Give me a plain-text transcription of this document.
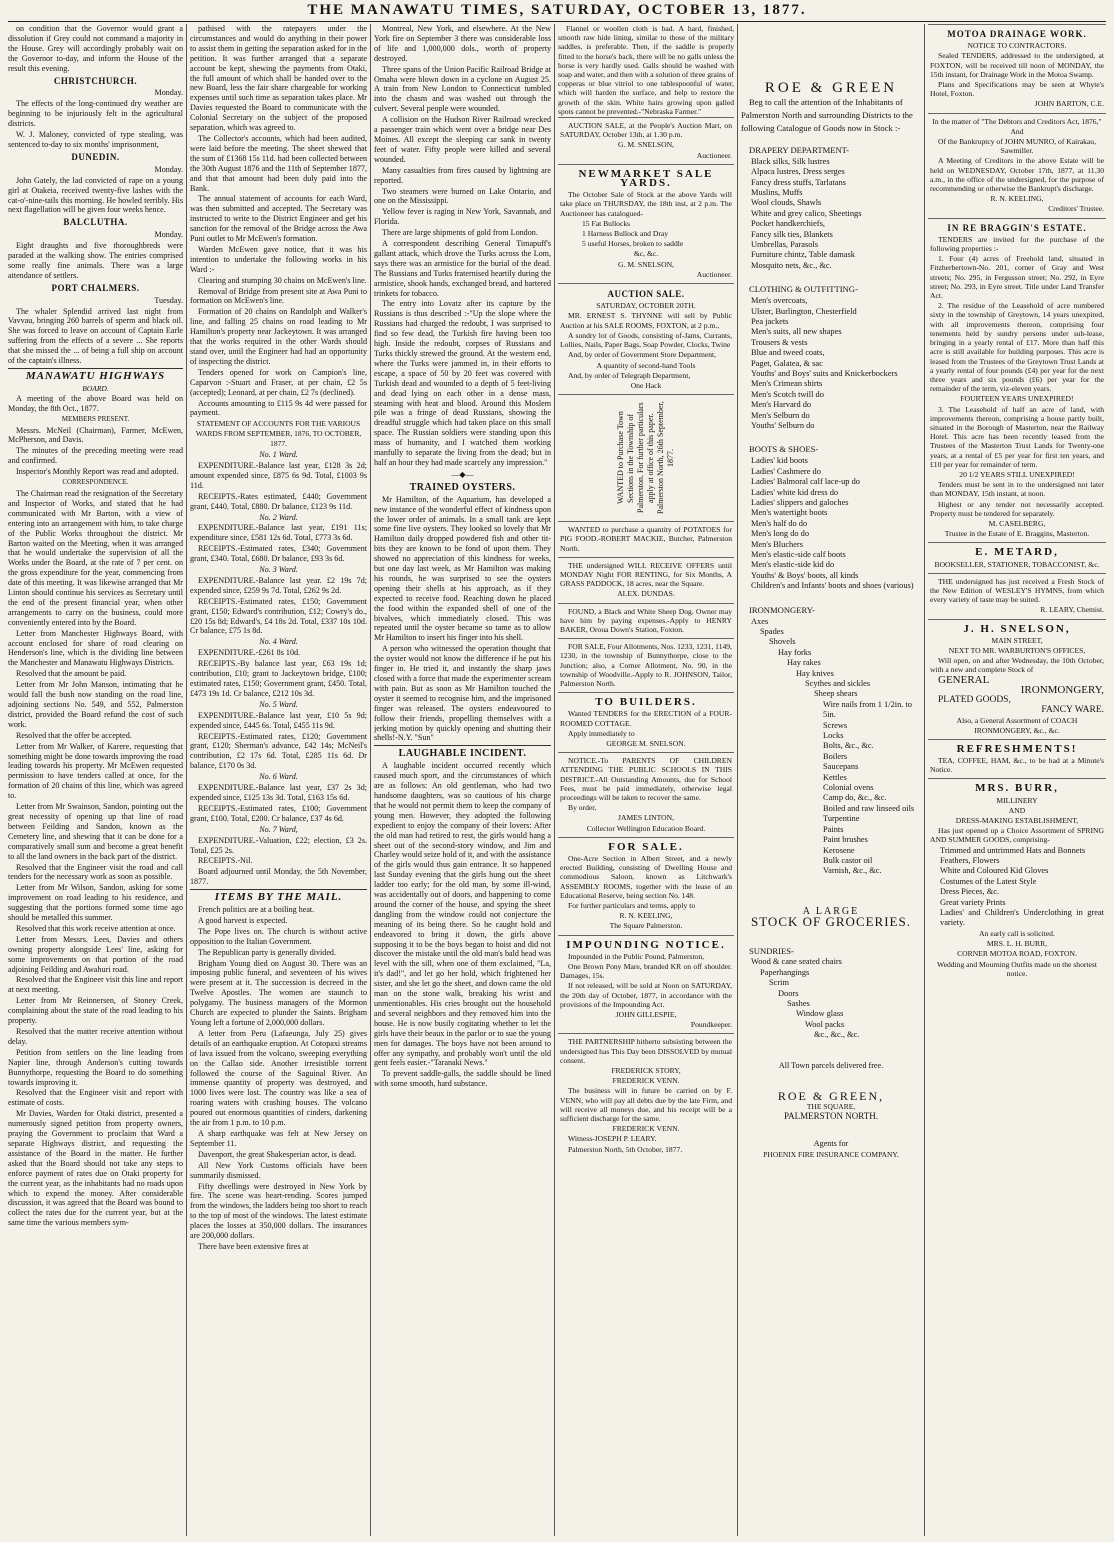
THE MANAWATU TIMES, SATURDAY, OCTOBER 13, 1877.

on condition that the Governor would grant a dissolution if Grey could not command a majority in the House. Grey will accordingly probably wait on the Governor to-day, and inform the House of the result this evening.

CHRISTCHURCH.

Monday.

The effects of the long-continued dry weather are beginning to be injuriously felt in the agricultural districts.

W. J. Maloney, convicted of type stealing, was sentenced to-day to six months' imprisonment,

DUNEDIN.

Monday.

John Gately, the lad convicted of rape on a young girl at Otakeia, received twenty-five lashes with the cat-o'-nine-tails this morning. He howled terribly. His next flagellation will be given four weeks hence.

BALCLUTHA.

Monday.

Eight draughts and five thoroughbreds were paraded at the walking show. The entries comprised some really fine animals. There was a large attendance of settlers.

PORT CHALMERS.

Tuesday.

The whaler Splendid arrived last night from Vavvau, bringing 260 barrels of sperm and black oil. She was forced to leave on account of Captain Earle suffering from the effects of a severe ... She reports that she missed the ... of being a full ship on account of the captain's illness.

MANAWATU HIGHWAYS
BOARD.

A meeting of the above Board was held on Monday, the 8th Oct., 1877.

MEMBERS PRESENT.

Messrs. McNeil (Chairman), Farmer, McEwen, McPherson, and Davis.

The minutes of the preceding meeting were read and confirmed.

Inspector's Monthly Report was read and adopted.

CORRESPONDENCE.

The Chairman read the resignation of the Secretary and Inspector of Works, and stated that he had communicated with Mr Barton, with a view of entering into an arrangement with him, to take charge of the Public Works throughout the district. Mr Barton waited on the Meeting, when it was arranged that he would undertake the supervision of all the Works under the Board, at the rate of 7 per cent. on the gross expenditure for the year, commencing from date of this meeting. It was likewise arranged that Mr Linton should continue his services as Secretary until the end of the present financial year, when other arrangements to carry on the business, could more conveniently entered into by the Board.

Letter from Manchester Highways Board, with account enclosed for share of road clearing on Henderson's line, which is the dividing line between the Manchester and Manawatu Highways Districts.

Resolved that the amount be paid.

Letter from Mr John Manson, intimating that he would fall the bush now standing on the road line, adjoining sections No. 549, and 552, Palmerston district, provided the Board refund the cost of such work.

Resolved that the offer be accepted.

Letter from Mr Walker, of Karere, requesting that something might be done towards improving the road leading towards his property. Mr McEwen requested permission to have tenders called at once, for the formation of 20 chains of this line, which was agreed to.

Letter from Mr Swainson, Sandon, pointing out the great necessity of opening up that line of road between Feilding and Sandon, known as the Cemetery line, and shewing that it can be done for a comparatively small sum and become a great benefit to all the land owners in the back part of the district.

Resolved that the Engineer visit the road and call tenders for the necessary work as soon as possible.

Letter from Mr Wilson, Sandon, asking for some improvement on road leading to his residence, and suggesting that the portions formed some time ago should be metalled this summer.

Resolved that this work receive attention at once.

Letter from Messrs. Lees, Davies and others owning property alongside Lees' line, asking for some improvements on that portion of the road adjoining Feilding and Awahuri road.

Resolved that the Engineer visit this line and report at next meeting.

Letter from Mr Reinnersen, of Stoney Creek, complaining about the state of the road leading to his property.

Resolved that the matter receive attention without delay.

Petition from settlers on the line leading from Napier line, through Anderson's cutting towards Bunnythorpe, requesting the Board to do something towards improving it.

Resolved that the Engineer visit and report with estimate of costs.

Mr Davies, Warden for Otaki district, presented a numerously signed petition from property owners, praying the Government to proclaim that Ward a separate Highways district, and requesting the assistance of the Board in the matter. He further asked that the Board should not take any steps to enforce payment of rates due on Otaki property for the current year, as the inhabitants had no roads upon which to expend the money. After considerable discussion, it was agreed that the Board was bound to collect the rates due for the current year, but at the same time the various members sym-

pathised with the ratepayers under the circumstances and would do anything in their power to assist them in getting the separation asked for in the petition. It was further arranged that a separate account be kept, shewing the payments from Otaki, the full amount of which shall be handed over to the new Board, less the fair share chargeable for working expenses until such time as separation takes place. Mr Davies requested the Board to communicate with the Colonial Secretary on the subject of the proposed separation, which was agreed to.

The Collector's accounts, which had been audited, were laid before the meeting. The sheet shewed that the sum of £1368 15s 11d. had been collected between the 30th August 1876 and the 11th of September 1877, and that that amount had been duly paid into the Bank.

The annual statement of accounts for each Ward, was then submitted and accepted. The Secretary was instructed to write to the District Engineer and get his sanction for the removal of the Bridge across the Awa Puni outlet to Mr McEwen's formation.

Warden McEwen gave notice, that it was his intention to undertake the following works in his Ward :-

Clearing and stumping 30 chains on McEwen's line.

Removal of Bridge from present site at Awa Puni to formation on McEwen's line.

Formation of 20 chains on Randolph and Walker's line, and falling 25 chains on road leading to Mr Hamilton's property near Jackeytown. It was arranged that the works required in the other Wards should stand over, until the Engineer had had an opportunity of inspecting the district.

Tenders opened for work on Campion's line, Caparvon :-Stuart and Fraser, at per chain, £2 5s (accepted); Leonard, at per chain, £2 7s (declined).

Accounts amounting to £115 9s 4d were passed for payment.

STATEMENT OF ACCOUNTS FOR THE VARIOUS WARDS FROM SEPTEMBER, 1876, TO OCTOBER, 1877.

No. 1 Ward.

EXPENDITURE.-Balance last year, £128 3s 2d; amount expended since, £875 6s 9d. Total, £1003 9s 11d.

RECEIPTS.-Rates estimated, £440; Government grant, £440. Total, £880. Dr balance, £123 9s 11d.

No. 2 Ward.

EXPENDITURE.-Balance last year, £191 11s; expenditure since, £581 12s 6d. Total, £773 3s 6d.

RECEIPTS.-Estimated rates, £340; Government grant, £340. Total, £680. Dr balance, £93 3s 6d.

No. 3 Ward.

EXPENDITURE.-Balance last year. £2 19s 7d; expended since, £259 9s 7d. Total, £262 9s 2d.

RECEIPTS.-Estimated rates, £150; Government grant, £150; Edward's contribution, £12; Cowry's do., £20 15s 8d; Edward's, £4 18s 2d. Total, £337 10s 10d. Cr balance, £75 1s 8d.

No. 4 Ward.

EXPENDITURE.-£261 8s 10d.

RECEIPTS.-By balance last year, £63 19s 1d; contribution, £10; grant to Jackeytown bridge, £100; estimated rates, £150; Government grant, £450. Total, £473 19s 1d. Cr balance, £212 10s 3d.

No. 5 Ward.

EXPENDITURE.-Balance last year, £10 5s 9d; expended since, £445 6s. Total, £455 11s 9d.

RECEIPTS.-Estimated rates, £120; Government grant, £120; Sherman's advance, £42 14s; McNeil's contribution, £2 17s 6d. Total, £285 11s 6d. Dr balance, £170 0s 3d.

No. 6 Ward.

EXPENDITURE.-Balance last year, £37 2s 3d; expended since, £125 13s 3d. Total, £163 15s 6d.

RECEIPTS.-Estimated rates, £100; Government grant, £100. Total, £200. Cr balance, £37 4s 6d.

No. 7 Ward,

EXPENDITURE.-Valuation, £22; election, £3 2s. Total, £25 2s.

RECEIPTS.-Nil.

Board adjourned until Monday, the 5th November, 1877.

ITEMS BY THE MAIL.

French politics are at a boiling heat.

A good harvest is expected.

The Pope lives on. The church is without active opposition to the Italian Government.

The Republican party is generally divided.

Brigham Young died on August 30. There was an imposing public funeral, and seventeen of his wives were present at it. The succession is decreed in the Twelve Apostles. The women are staunch to polygamy. The business managers of the Mormon Church are expected to plunder the Saints. Brigham Young left a fortune of 2,000,000 dollars.

A letter from Peru (Lafaeunga, July 25) gives details of an earthquake eruption. At Cotopaxi streams of lava issued from the volcano, sweeping everything on the Callao side. Another irresistible torrent followed the course of the Saguinal River. An immense quantity of property was destroyed, and 1000 lives were lost. The country was like a sea of roaring waters with crashing houses. The volcano poured out enormous quantities of cinders, darkening the air from 1 p.m. to 10 p.m.

A sharp earthquake was felt at New Jersey on September 11.

Davenport, the great Shakesperian actor, is dead.

All New York Customs officials have been summarily dismissed.

Fifty dwellings were destroyed in New York by fire. The scene was heart-rending. Scores jumped from the windows, the ladders being too short to reach to the top of most of the windows. The latest estimate places the losses at 350,000 dollars. The insurances are 200,000 dollars.

There have been extensive fires at

Montreal, New York, and elsewhere. At the New York fire on September 3 there was considerable loss of life and 1,000,000 dols., worth of property destroyed.

Three spans of the Union Pacific Railroad Bridge at Omaha were blown down in a cyclone on August 25. A train from New London to Connecticut tumbled into the chasm and was washed out through the culvert. Several people were wounded.

A collision on the Hudson River Railroad wrecked a passenger train which went over a bridge near Des Moines. All except the sleeping car sank in twenty feet of water. Fifty people were killed and several wounded.

Many casualties from fires caused by lightning are reported.

Two steamers were burned on Lake Ontario, and one on the Mississippi.

Yellow fever is raging in New York, Savannah, and Florida.

There are large shipments of gold from London.

A correspondent describing General Timapuff's gallant attack, which drove the Turks across the Lom, says there was an armistice for the burial of the dead. The Russians and Turks fraternised heartily during the armistice, shook hands, exchanged bread, and bartered trinkets for tobacco.

The entry into Lovatz after its capture by the Russians is thus described :-"Up the slope where the Russians had charged the redoubt, I was surprised to find so few dead, the Turkish fire having been too high. Inside the redoubt, corpses of Russians and Turks thickly strewed the ground. At the western end, where the Turks were jammed in, in their efforts to escape, a space of 50 by 20 feet was covered with Turkish dead and wounded to a depth of 5 feet-living and dead lying on each other in a dense mass, steaming with heat and blood. Around this Moslem pile was a fringe of dead Russians, showing the dreadful struggle which had taken place on this small space. The Russian soldiers were standing upon this mass of humanity, and I watched them working manfully to separate the living from the dead; but in half an hour they had made scarcely any impression."

—◆—
TRAINED OYSTERS.

Mr Hamilton, of the Aquarium, has developed a new instance of the wonderful effect of kindness upon the lower order of animals. In a small tank are kept some fine live oysters. They looked so lovely that Mr Hamilton daily dropped powdered fish and other tit-bits they are known to be fond of upon them. They showed no appreciation of this kindness for weeks, but one day last week, as Mr Hamilton was making his rounds, he was surprised to see the oysters opening their shells at his approach, as if they expected to receive food. Reaching down he placed the food within the expanded shell of one of the bivalves, which immediately closed. This was repeated until the oyster became so tame as to allow Mr Hamilton to insert his finger into his shell.

A person who witnessed the operation thought that the oyster would not know the difference if he put his finger in. He tried it, and instantly the sharp jaws closed with a force that made the experimenter scream with pain. But as soon as Mr Hamilton touched the oyster it seemed to recognise him, and the imprisoned finger was released. The oysters endeavoured to follow their friends, propelling themselves with a jerking motion by quickly opening and shutting their shells!-N.Y. "Sun"

LAUGHABLE INCIDENT.

A laughable incident occurred recently which caused much sport, and the circumstances of which are as follows: An old gentleman, who had two handsome daughters, was so cautious of his charge that he would not permit them to keep the company of young men. However, they adopted the following expedient to enjoy the company of their lovers: After the old man had retired to rest, the girls would hang a sheet out of the second-story window, and Jim and Charley would seize hold of it, and with the assistance of the girls would thus gain entrance. It so happened last Sunday evening that the girls hung out the sheet ladder too early; for the old man, by some ill-wind, was accidentally out of doors, and happening to come around the corner of the house, and spying the sheet dangling from the window could not conjecture the meaning of its being there. So he caught hold and endeavored to bring it down, the girls above supposing it to be the boys began to hoist and did not discover the mistake until the old man's bald head was level with the sill, when one of them exclaimed, "La, it's dad!", and let go her hold, which frightened her sister, and she let go the sheet, and down came the old man on the stone walk, breaking his wrist and unmentionables. His cries brought out the household and several neighbors and they removed him into the house. He is now busily cogitating whether to let the girls have their beaux in the parlor or to sue the young men for damages. The boys have not been around to offer any sympathy, and probably won't until the old gent feels easier.-"Taranaki News."

To prevent saddle-galls, the saddle should be lined with some smooth, hard substance.

Flannel or woollen cloth is bad. A hard, finished, smooth raw hide lining, similar to those of the military saddles, is preferable. Then, if the saddle is properly fitted to the horse's back, there will be no galls unless the horse is very hardly used. Galls should be washed with soap and water, and then with a solution of three grains of copperas or blue vitriol to one tablespoonful of water, which will harden the surface, and help to restore the growth of the skin. White hairs growing upon galled spots cannot be prevented.-"Nebraska Farmer."

AUCTION SALE, at the People's Auction Mart, on SATURDAY, October 13th, at 1.30 p.m.

G. M. SNELSON,

Auctioneer.

NEWMARKET SALE YARDS.

The October Sale of Stock at the above Yards will take place on THURSDAY, the 18th inst, at 2 p.m. The Auctioneer has catalogued-

15 Fat Bullocks

1 Harness Bullock and Dray

5 useful Horses, broken to saddle

&c, &c.

G. M. SNELSON,

Auctioneer.

AUCTION SALE.

SATURDAY, OCTOBER 20TH.

MR. ERNEST S. THYNNE will sell by Public Auction at his SALE ROOMS, FOXTON, at 2 p.m.,

A sundry lot of Goods, consisting of-Jams, Currants, Lollies, Nails, Paper Bags, Soap Powder, Clocks, Twine

And, by order of Government Store Department,

A quantity of second-hand Tools

And, by order of Telegraph Department,

One Hack

WANTED to Purchase Town Sections in the Township of Palmerston. For further particulars apply at office of this paper. Palmerston North, 26th September, 1877.

WANTED to purchase a quantity of POTATOES for PIG FOOD.-ROBERT MACKIE, Butcher, Palmerston North.

THE undersigned WILL RECEIVE OFFERS until MONDAY Night FOR RENTING, for Six Months, A GRASS PADDOCK, 18 acres, near the Square.

ALEX. DUNDAS.

FOUND, a Black and White Sheep Dog. Owner may have him by paying expenses.-Apply to HENRY BAKER, Oroua Down's Station, Foxton.

FOR SALE, Four Allotments, Nos. 1233, 1231, 1149, 1230, in the township of Bunnythorpe, close to the Junction; also, a Corner Allotment, No. 90, in the township of Woodville.-Apply to R. JOHNSON, Tailor, Palmerston North.

TO BUILDERS.

Wanted TENDERS for the ERECTION of a FOUR-ROOMED COTTAGE.

Apply immediately to

GEORGE M. SNELSON.

NOTICE.-To PARENTS OF CHILDREN ATTENDING THE PUBLIC SCHOOLS IN THIS DISTRICT.-All Outstanding Amounts, due for School Fees, must be paid immediately, otherwise legal proceedings will be taken to recover the same.

By order,

JAMES LINTON,

Collector Wellington Education Board.

FOR SALE.

One-Acre Section in Albert Street, and a newly erected Building, consisting of Dwelling House and commodious Saloon, known as Litchwark's ASSEMBLY ROOMS, together with the lease of an Educational Reserve, being section No. 148.

For further particulars and terms, apply to

R. N. KEELING,

The Square Palmerston.

IMPOUNDING NOTICE.

Impounded in the Public Pound, Palmerston,

One Brown Pony Mare, branded KR on off shoulder. Damages, 15s.

If not released, will be sold at Noon on SATURDAY, the 20th day of October, 1877, in accordance with the provisions of the Impounding Act.

JOHN GILLESPIE,

Poundkeeper.

THE PARTNERSHIP hitherto subsisting between the undersigned has This Day been DISSOLVED by mutual consent.

FREDERICK STORY,

FREDERICK VENN.

The business will in future be carried on by F. VENN, who will pay all debts due by the late Firm, and will receive all moneys due, and his receipt will be a sufficient discharge for the same.

FREDERICK VENN.

Witness-JOSEPH P. LEARY.

Palmerston North, 5th October, 1877.

ROE & GREEN

Beg to call the attention of the Inhabitants of Palmerston North and surrounding Districts to the following Catalogue of Goods now in Stock :-

DRAPERY DEPARTMENT-

Black silks, Silk lustres

Alpaca lustres, Dress serges

Fancy dress stuffs, Tarlatans

Muslins, Muffs

Wool clouds, Shawls

White and grey calico, Sheetings

Pocket handkerchiefs,

Fancy silk ties, Blankets

Umbrellas, Parasols

Furniture chintz, Table damask

Mosquito nets, &c., &c.

CLOTHING & OUTFITTING-

Men's overcoats,

Ulster, Burlington, Chesterfield

Pea jackets

Men's suits, all new shapes

Trousers & vests

Blue and tweed coats,

Paget, Galatea, & sac

Youths' and Boys' suits and Knickerbockers

Men's Crimean shirts

Men's Scotch twill do

Men's Harvard do

Men's Selburn do

Youths' Selburn do

BOOTS & SHOES-

Ladies' kid boots

Ladies' Cashmere do

Ladies' Balmoral calf lace-up do

Ladies' white kid dress do

Ladies' slippers and galoches

Men's watertight boots

Men's half do do

Men's long do do

Men's Bluchers

Men's elastic-side calf boots

Men's elastic-side kid do

Youths' & Boys' boots, all kinds

Children's and Infants' boots and shoes (various)

IRONMONGERY-

Axes

Spades

Shovels

Hay forks

Hay rakes

Hay knives

Scythes and sickles

Sheep shears

Wire nails from 1 1/2in. to 5in.

Screws

Locks

Bolts, &c., &c.

Boilers

Saucepans

Kettles

Colonial ovens

Camp do, &c., &c.

Boiled and raw linseed oils

Turpentine

Paints

Paint brushes

Kerosene

Bulk castor oil

Varnish, &c., &c.

A LARGE
STOCK OF GROCERIES.

SUNDRIES-

Wood & cane seated chairs

Paperhangings

Scrim

Doors

Sashes

Window glass

Wool packs

&c., &c., &c.

All Town parcels delivered free.

ROE & GREEN,

THE SQUARE,

PALMERSTON NORTH.

Agents for

PHOENIX FIRE INSURANCE COMPANY.

MOTOA DRAINAGE WORK.

NOTICE TO CONTRACTORS.

Sealed TENDERS, addressed to the undersigned, at FOXTON, will be received till noon of MONDAY, the 15th instant, for Drainage Work in the Motoa Swamp.

Plans and Specifications may be seen at Whyte's Hotel, Foxton.

JOHN BARTON, C.E.

In the matter of "The Debtors and Creditors Act, 1876,"

And

Of the Bankruptcy of JOHN MUNRO, of Kairakau, Sawmiller.

A Meeting of Creditors in the above Estate will be held on WEDNESDAY, October 17th, 1877, at 11.30 a.m., in the office of the undersigned, for the purpose of recommending or otherwise the Bankrupt's discharge.

R. N. KEELING,

Creditors' Trustee.

IN RE BRAGGIN'S ESTATE.

TENDERS are invited for the purchase of the following properties :-

1. Four (4) acres of Freehold land, situated in Fitzherbertown-No. 201, corner of Gray and West streets; No. 295, in Fergusson street; No. 292, in Eyre street; No. 293, in Eyre street. Title under Land Transfer Act.

2. The residue of the Leasehold of acre numbered sixty in the township of Greytown, 14 years unexpired, with all improvements thereon, comprising four tenements held by sundry persons under sub-lease, bringing in a yearly rental of £17. More than half this acre is still available for building purposes. This acre is leased from the Trustees of the Greytown Trust Lands at a yearly rental of four pounds (£4) per year for the next three years and six pounds (£6) per year for the remainder of the term, viz-eleven years.

FOURTEEN YEARS UNEXPIRED!

3. The Leasehold of half an acre of land, with improvements thereon, comprising a house partly built, situated in the Borough of Masterton, near the Railway Hotel. This acre has been recently leased from the Trustees of the Masterton Trust Lands for Twenty-one years, at a rental of £5 per year for first ten years, and £10 per year for remainder of term.

20 1/2 YEARS STILL UNEXPIRED!

Tenders must be sent in to the undersigned not later than MONDAY, 15th instant, at noon.

Highest or any tender not necessarily accepted. Property must be tendered for separately.

M. CASELBERG,

Trustee in the Estate of E. Braggins, Masterton.

E. METARD,

BOOKSELLER, STATIONER, TOBACCONIST, &c.

THE undersigned has just received a Fresh Stock of the New Edition of WESLEY'S HYMNS, from which every variety of taste may be suited.

R. LEARY, Chemist.

J. H. SNELSON,

MAIN STREET,

NEXT TO MR. WARBURTON'S OFFICES,

Will open, on and after Wednesday, the 10th October, with a new and complete Stock of

GENERAL

IRONMONGERY,

PLATED GOODS,

FANCY WARE.

Also, a General Assortment of COACH IRONMONGERY, &c., &c.

REFRESHMENTS!

TEA, COFFEE, HAM, &c., to be had at a Minute's Notice.

MRS. BURR,

MILLINERY

AND

DRESS-MAKING ESTABLISHMENT,

Has just opened up a Choice Assortment of SPRING AND SUMMER GOODS, comprising-

Trimmed and untrimmed Hats and Bonnets

Feathers, Flowers

White and Coloured Kid Gloves

Costumes of the Latest Style

Dress Pieces, &c.

Great variety Prints

Ladies' and Children's Underclothing in great variety.

An early call is solicited.

MRS. L. H. BURR,

CORNER MOTOA ROAD, FOXTON.

Wedding and Mourning Outfits made on the shortest notice.
